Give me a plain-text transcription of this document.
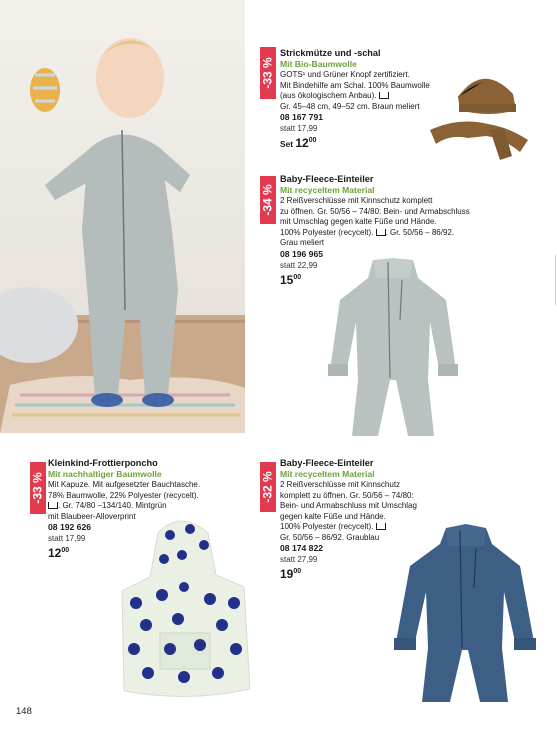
-33 %
Strickmütze und -schal
Mit Bio-Baumwolle
GOTS¹ und Grüner Knopf zertifiziert.
Mit Bindehilfe am Schal. 100% Baumwolle
(aus ökologischem Anbau).
Gr. 45–48 cm, 49–52 cm. Braun meliert
08 167 791
statt 17,99
Set $12^{00}$
-34 %
Baby-Fleece-Einteiler
Mit recyceltem Material
2 Reißverschlüsse mit Kinnschutz komplett
zu öffnen. Gr. 50/56 – 74/80: Bein- und Armabschluss
mit Umschlag gegen kalte Füße und Hände.
100% Polyester (recycelt). . Gr. 50/56 – 86/92.
Grau meliert
08 196 965
statt 22,99
$15^{00}$
-33 %
Kleinkind-Frottierponcho
Mit nachhaltiger Baumwolle
Mit Kapuze. Mit aufgesetzter Bauchtasche.
78% Baumwolle, 22% Polyester (recycelt).
. Gr. 74/80 –134/140. Mintgrün
mit Blaubeer-Alloverprint
08 192 626
statt 17,99
$12^{00}$
-32 %
Baby-Fleece-Einteiler
Mit recyceltem Material
2 Reißverschlüsse mit Kinnschutz
komplett zu öffnen. Gr. 50/56 – 74/80:
Bein- und Armabschluss mit Umschlag
gegen kalte Füße und Hände.
100% Polyester (recycelt).
Gr. 50/56 – 86/92. Graublau
08 174 822
statt 27,99
$19^{00}$
148
